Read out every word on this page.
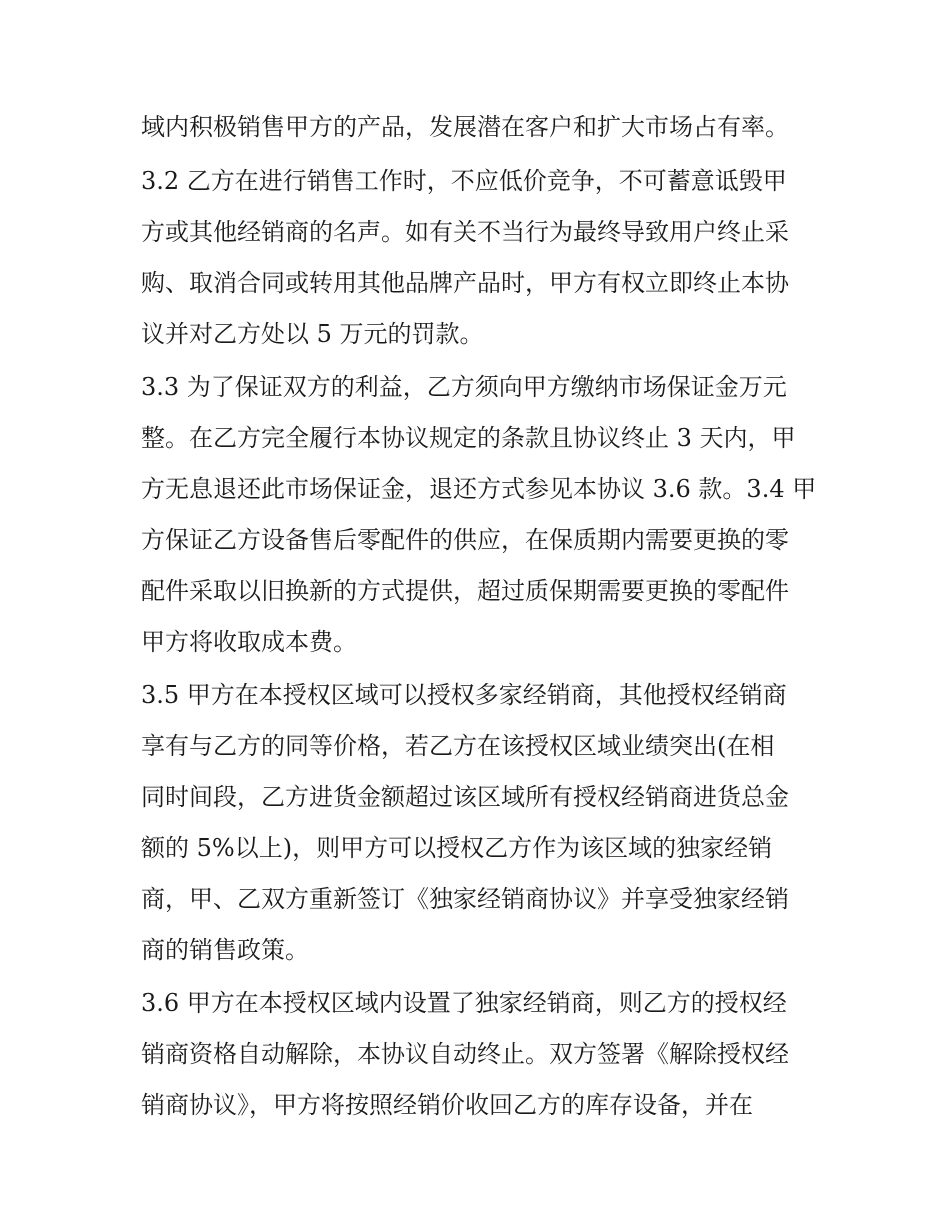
域内积极销售甲方的产品，发展潜在客户和扩大市场占有率。
3.2 乙方在进行销售工作时，不应低价竞争，不可蓄意诋毁甲
方或其他经销商的名声。如有关不当行为最终导致用户终止采
购、取消合同或转用其他品牌产品时，甲方有权立即终止本协
议并对乙方处以 5 万元的罚款。
3.3 为了保证双方的利益，乙方须向甲方缴纳市场保证金万元
整。在乙方完全履行本协议规定的条款且协议终止 3 天内，甲
方无息退还此市场保证金，退还方式参见本协议 3.6 款。3.4 甲
方保证乙方设备售后零配件的供应，在保质期内需要更换的零
配件采取以旧换新的方式提供，超过质保期需要更换的零配件
甲方将收取成本费。
3.5 甲方在本授权区域可以授权多家经销商，其他授权经销商
享有与乙方的同等价格，若乙方在该授权区域业绩突出(在相
同时间段，乙方进货金额超过该区域所有授权经销商进货总金
额的 5%以上)，则甲方可以授权乙方作为该区域的独家经销
商，甲、乙双方重新签订《独家经销商协议》并享受独家经销
商的销售政策。
3.6 甲方在本授权区域内设置了独家经销商，则乙方的授权经
销商资格自动解除，本协议自动终止。双方签署《解除授权经
销商协议》，甲方将按照经销价收回乙方的库存设备，并在
